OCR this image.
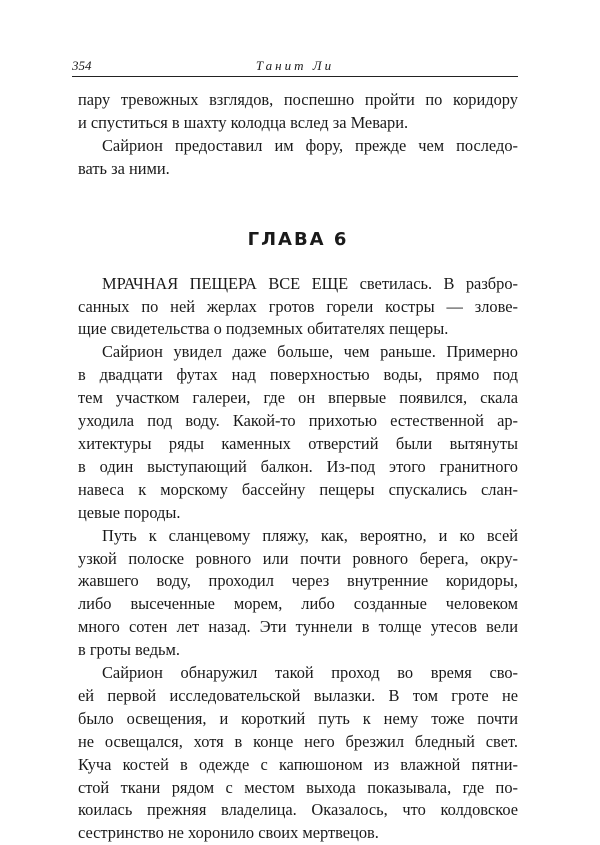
354	Танит Ли
пару тревожных взглядов, поспешно пройти по коридору
и спуститься в шахту колодца вслед за Мевари.
Сайрион предоставил им фору, прежде чем последо-
вать за ними.
ГЛАВА 6
МРАЧНАЯ ПЕЩЕРА ВСЕ ЕЩЕ светилась. В разбро-
санных по ней жерлах гротов горели костры — злове-
щие свидетельства о подземных обитателях пещеры.
Сайрион увидел даже больше, чем раньше. Примерно
в двадцати футах над поверхностью воды, прямо под
тем участком галереи, где он впервые появился, скала
уходила под воду. Какой-то прихотью естественной ар-
хитектуры ряды каменных отверстий были вытянуты
в один выступающий балкон. Из-под этого гранитного
навеса к морскому бассейну пещеры спускались слан-
цевые породы.
Путь к сланцевому пляжу, как, вероятно, и ко всей
узкой полоске ровного или почти ровного берега, окру-
жавшего воду, проходил через внутренние коридоры,
либо высеченные морем, либо созданные человеком
много сотен лет назад. Эти туннели в толще утесов вели
в гроты ведьм.
Сайрион обнаружил такой проход во время сво-
ей первой исследовательской вылазки. В том гроте не
было освещения, и короткий путь к нему тоже почти
не освещался, хотя в конце него брезжил бледный свет.
Куча костей в одежде с капюшоном из влажной пятни-
стой ткани рядом с местом выхода показывала, где по-
коилась прежняя владелица. Оказалось, что колдовское
сестринство не хоронило своих мертвецов.
